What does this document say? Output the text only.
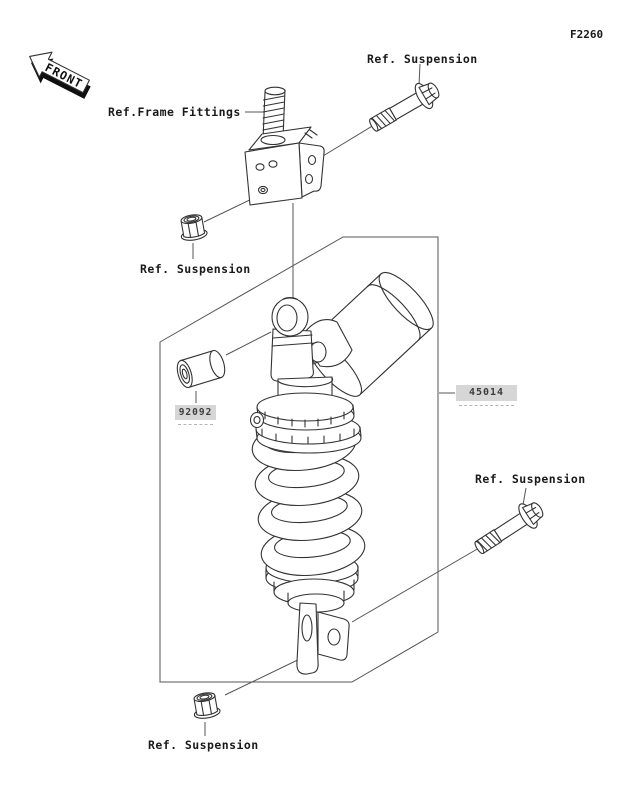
FRONT
F2260
Ref. Suspension
Ref.Frame Fittings
Ref. Suspension
Ref. Suspension
Ref. Suspension
45014
92092
